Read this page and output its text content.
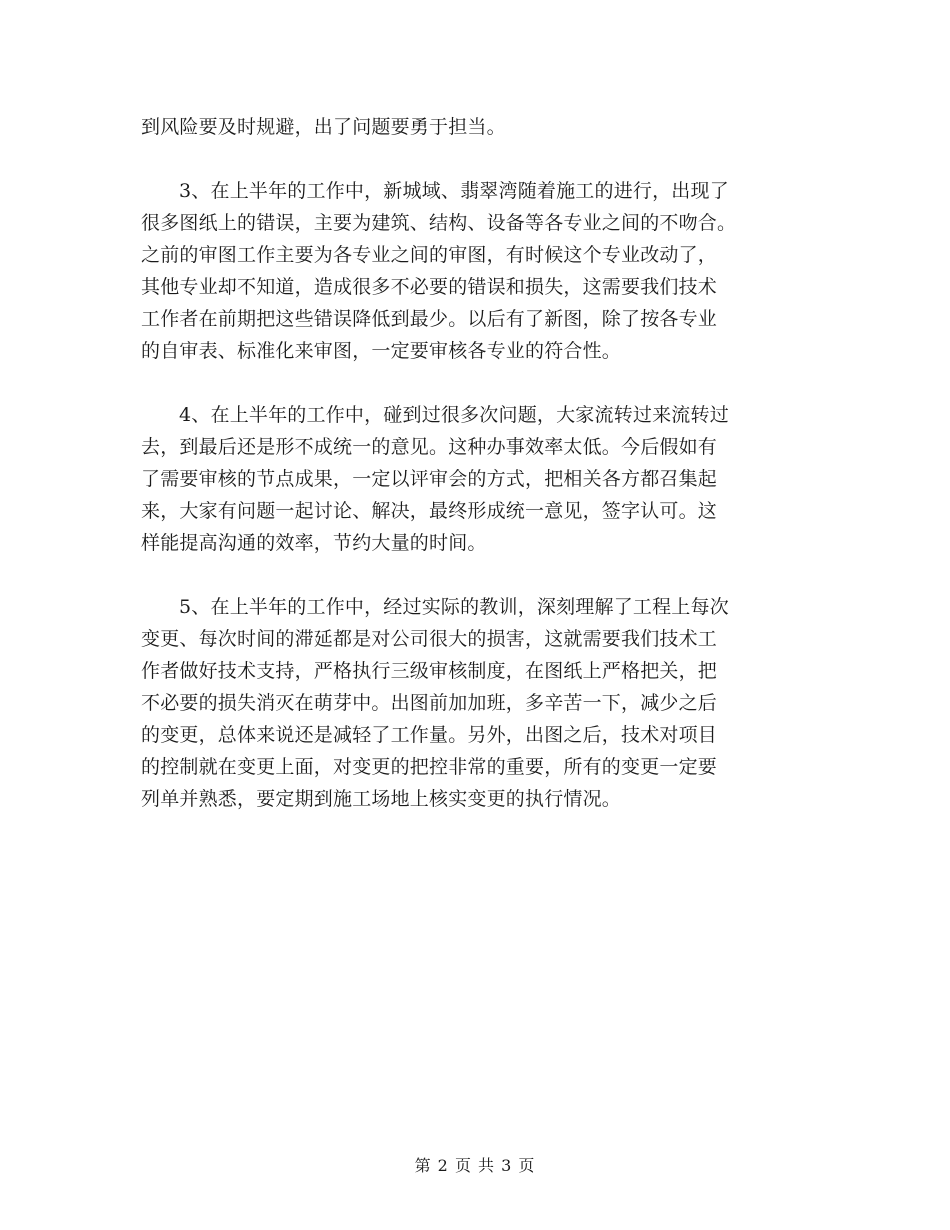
到风险要及时规避，出了问题要勇于担当。
3、在上半年的工作中，新城域、翡翠湾随着施工的进行，出现了
很多图纸上的错误，主要为建筑、结构、设备等各专业之间的不吻合。
之前的审图工作主要为各专业之间的审图，有时候这个专业改动了，
其他专业却不知道，造成很多不必要的错误和损失，这需要我们技术
工作者在前期把这些错误降低到最少。以后有了新图，除了按各专业
的自审表、标准化来审图，一定要审核各专业的符合性。
4、在上半年的工作中，碰到过很多次问题，大家流转过来流转过
去，到最后还是形不成统一的意见。这种办事效率太低。今后假如有
了需要审核的节点成果，一定以评审会的方式，把相关各方都召集起
来，大家有问题一起讨论、解决，最终形成统一意见，签字认可。这
样能提高沟通的效率，节约大量的时间。
5、在上半年的工作中，经过实际的教训，深刻理解了工程上每次
变更、每次时间的滞延都是对公司很大的损害，这就需要我们技术工
作者做好技术支持，严格执行三级审核制度，在图纸上严格把关，把
不必要的损失消灭在萌芽中。出图前加加班，多辛苦一下，减少之后
的变更，总体来说还是减轻了工作量。另外，出图之后，技术对项目
的控制就在变更上面，对变更的把控非常的重要，所有的变更一定要
列单并熟悉，要定期到施工场地上核实变更的执行情况。
第 2 页 共 3 页
